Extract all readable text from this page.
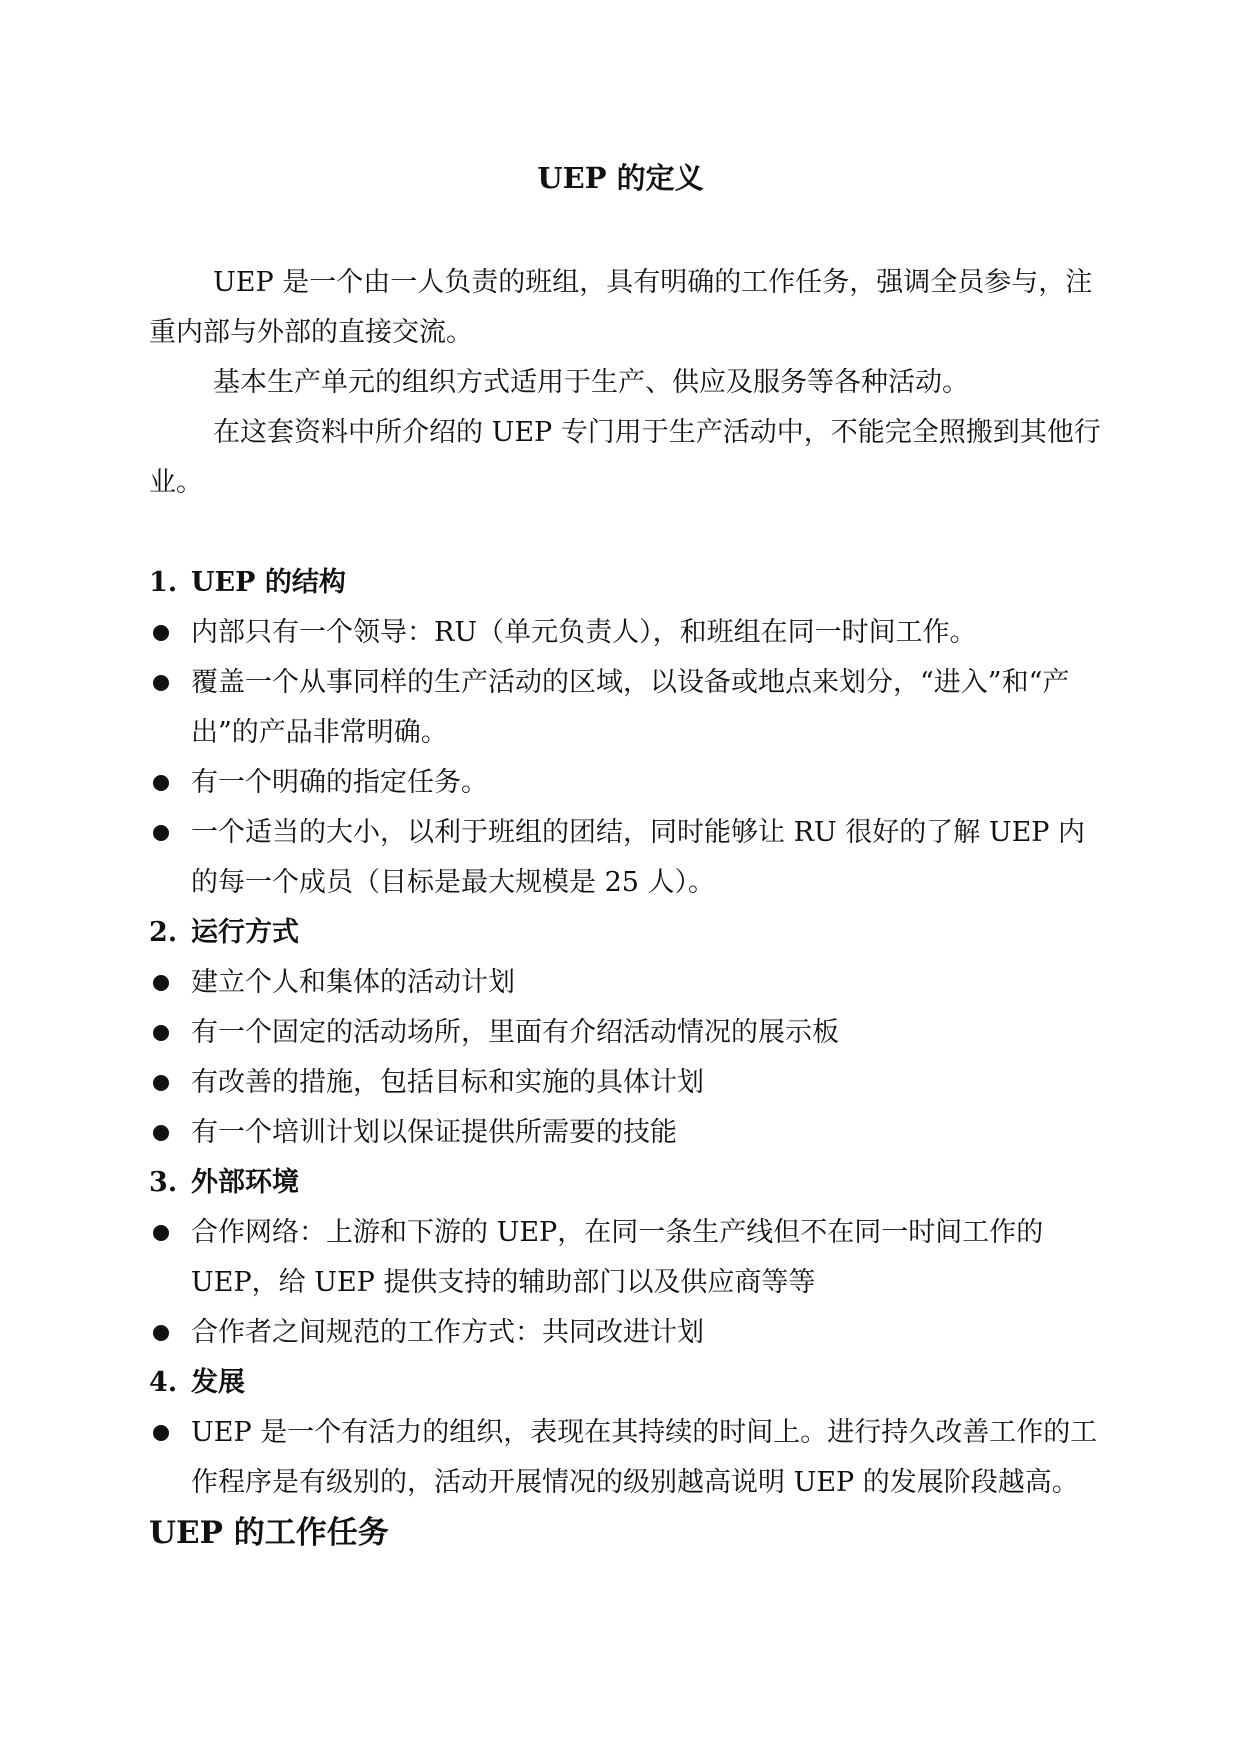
UEP 的定义

UEP 是一个由一人负责的班组，具有明确的工作任务，强调全员参与，注重内部与外部的直接交流。

基本生产单元的组织方式适用于生产、供应及服务等各种活动。

在这套资料中所介绍的 UEP 专门用于生产活动中，不能完全照搬到其他行业。

1. UEP 的结构
内部只有一个领导：RU（单元负责人），和班组在同一时间工作。
覆盖一个从事同样的生产活动的区域，以设备或地点来划分，“进入”和“产出”的产品非常明确。
有一个明确的指定任务。
一个适当的大小，以利于班组的团结，同时能够让 RU 很好的了解 UEP 内的每一个成员（目标是最大规模是 25 人）。
2. 运行方式
建立个人和集体的活动计划
有一个固定的活动场所，里面有介绍活动情况的展示板
有改善的措施，包括目标和实施的具体计划
有一个培训计划以保证提供所需要的技能
3. 外部环境
合作网络：上游和下游的 UEP，在同一条生产线但不在同一时间工作的 UEP，给 UEP 提供支持的辅助部门以及供应商等等
合作者之间规范的工作方式：共同改进计划
4. 发展
UEP 是一个有活力的组织，表现在其持续的时间上。进行持久改善工作的工作程序是有级别的，活动开展情况的级别越高说明 UEP 的发展阶段越高。
UEP 的工作任务
